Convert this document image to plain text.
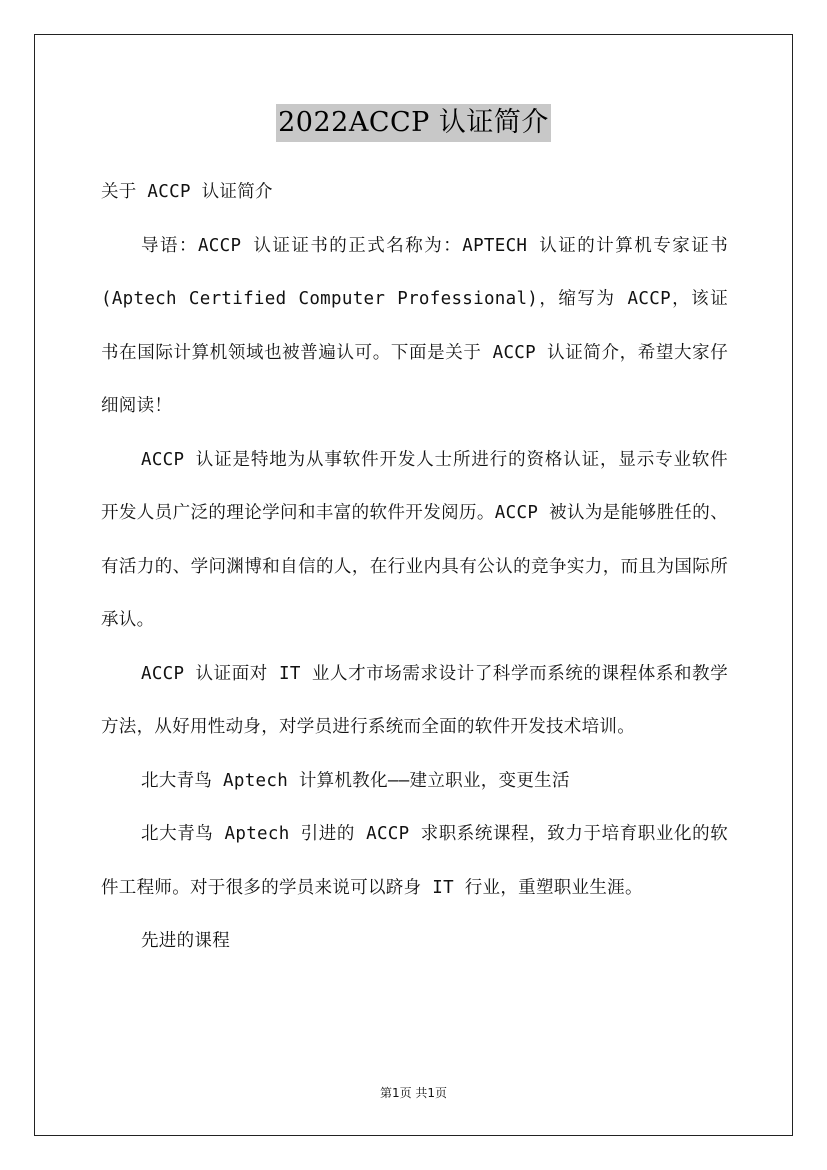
2022ACCP 认证简介

关于 ACCP 认证简介

导语：ACCP 认证证书的正式名称为：APTECH 认证的计算机专家证书(Aptech Certified Computer Professional)，缩写为 ACCP，该证书在国际计算机领域也被普遍认可。下面是关于 ACCP 认证简介，希望大家仔细阅读！

ACCP 认证是特地为从事软件开发人士所进行的资格认证，显示专业软件开发人员广泛的理论学问和丰富的软件开发阅历。ACCP 被认为是能够胜任的、有活力的、学问渊博和自信的人，在行业内具有公认的竞争实力，而且为国际所承认。

ACCP 认证面对 IT 业人才市场需求设计了科学而系统的课程体系和教学方法，从好用性动身，对学员进行系统而全面的软件开发技术培训。

北大青鸟 Aptech 计算机教化——建立职业，变更生活

北大青鸟 Aptech 引进的 ACCP 求职系统课程，致力于培育职业化的软件工程师。对于很多的学员来说可以跻身 IT 行业，重塑职业生涯。

先进的课程

第1页 共1页
